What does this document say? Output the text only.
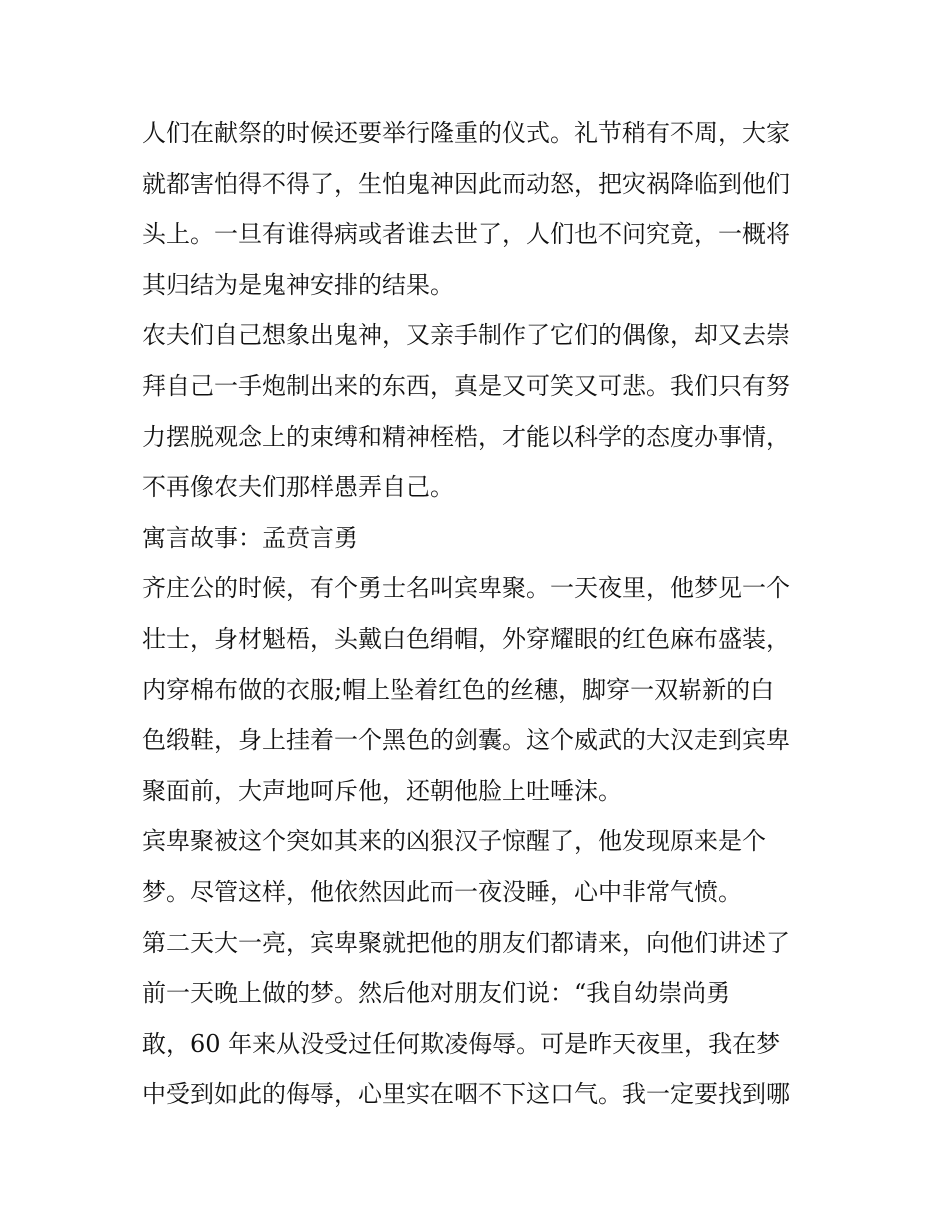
人们在献祭的时候还要举行隆重的仪式。礼节稍有不周，大家
就都害怕得不得了，生怕鬼神因此而动怒，把灾祸降临到他们
头上。一旦有谁得病或者谁去世了，人们也不问究竟，一概将
其归结为是鬼神安排的结果。
农夫们自己想象出鬼神，又亲手制作了它们的偶像，却又去崇
拜自己一手炮制出来的东西，真是又可笑又可悲。我们只有努
力摆脱观念上的束缚和精神桎梏，才能以科学的态度办事情，
不再像农夫们那样愚弄自己。
寓言故事：孟贲言勇
齐庄公的时候，有个勇士名叫宾卑聚。一天夜里，他梦见一个
壮士，身材魁梧，头戴白色绢帽，外穿耀眼的红色麻布盛装，
内穿棉布做的衣服;帽上坠着红色的丝穗，脚穿一双崭新的白
色缎鞋，身上挂着一个黑色的剑囊。这个威武的大汉走到宾卑
聚面前，大声地呵斥他，还朝他脸上吐唾沫。
宾卑聚被这个突如其来的凶狠汉子惊醒了，他发现原来是个
梦。尽管这样，他依然因此而一夜没睡，心中非常气愤。
第二天大一亮，宾卑聚就把他的朋友们都请来，向他们讲述了
前一天晚上做的梦。然后他对朋友们说：“我自幼崇尚勇
敢，60 年来从没受过任何欺凌侮辱。可是昨天夜里，我在梦
中受到如此的侮辱，心里实在咽不下这口气。我一定要找到哪
